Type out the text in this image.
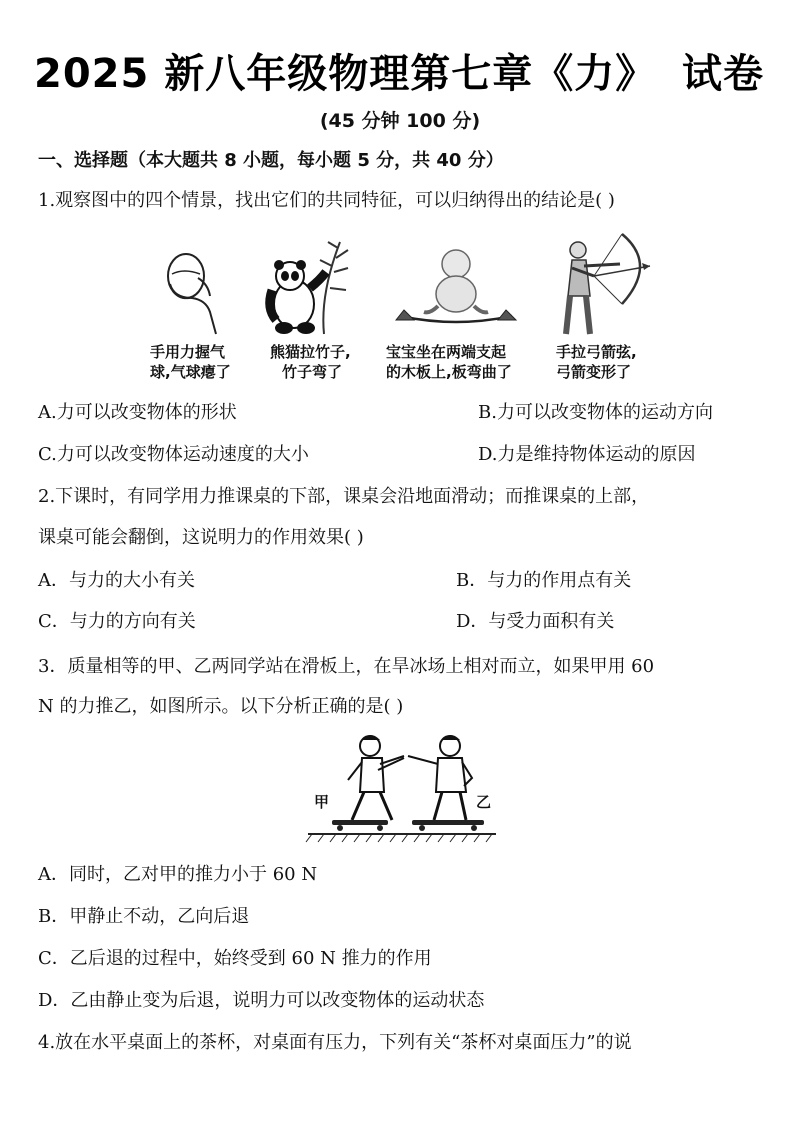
2025 新八年级物理第七章《力》 试卷
(45 分钟 100 分)
一、选择题（本大题共 8 小题，每小题 5 分，共 40 分）
1.观察图中的四个情景，找出它们的共同特征，可以归纳得出的结论是( )
手用力握气
球,气球瘪了
熊猫拉竹子,
竹子弯了
宝宝坐在两端支起
的木板上,板弯曲了
手拉弓箭弦,
弓箭变形了
A.力可以改变物体的形状	B.力可以改变物体的运动方向
C.力可以改变物体运动速度的大小	D.力是维持物体运动的原因
2.下课时，有同学用力推课桌的下部，课桌会沿地面滑动；而推课桌的上部，
课桌可能会翻倒，这说明力的作用效果( )
A．与力的大小有关	B．与力的作用点有关
C．与力的方向有关	D．与受力面积有关
3．质量相等的甲、乙两同学站在滑板上，在旱冰场上相对而立，如果甲用 60
N 的力推乙，如图所示。以下分析正确的是( )
甲	乙
A．同时，乙对甲的推力小于 60 N
B．甲静止不动，乙向后退
C．乙后退的过程中，始终受到 60 N 推力的作用
D．乙由静止变为后退，说明力可以改变物体的运动状态
4.放在水平桌面上的茶杯，对桌面有压力，下列有关“茶杯对桌面压力”的说
